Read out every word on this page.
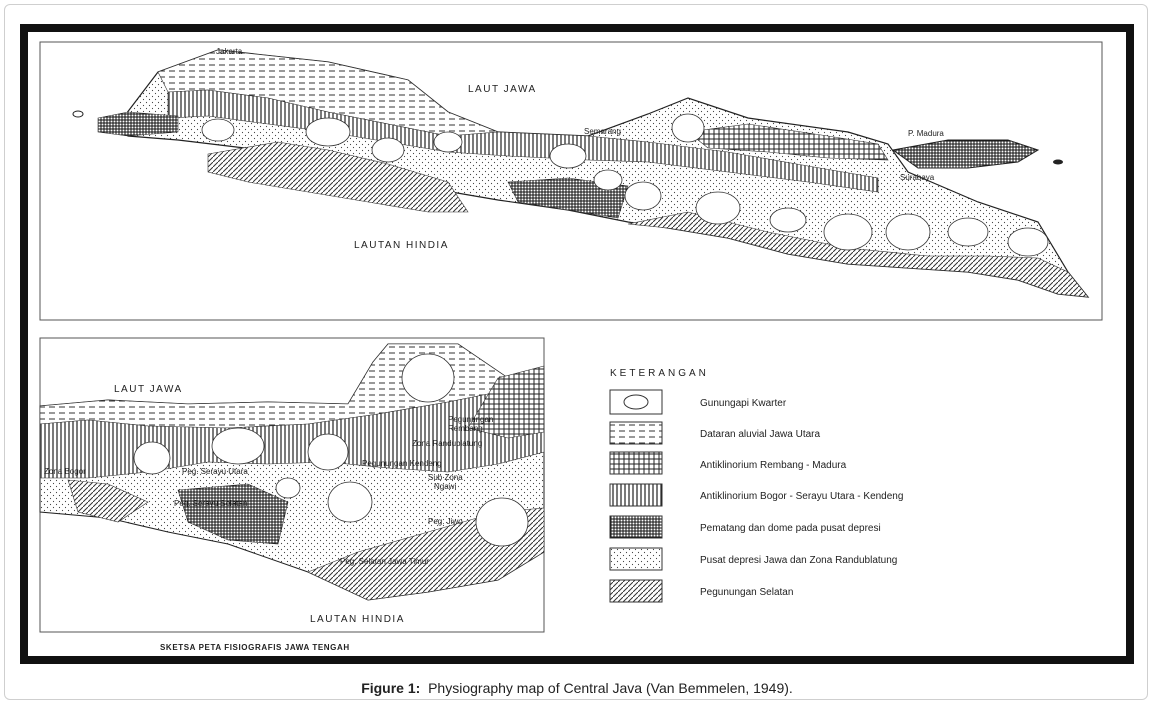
LAUT JAWA
LAUTAN HINDIA
Jakarta
Semarang	P. Madura
Surabaya
LAUT JAWA
LAUTAN HINDIA
Pegunungan Rembang
Zona Randublatung
Pegunungan Kendeng
Sub Zona Ngawi
Zona Bogor	Peg. Serayu Utara
Peg. Serayu Selatan
Peg. Jiwo
Peg. Selatan Jawa Timur
SKETSA PETA FISIOGRAFIS JAWA TENGAH
KETERANGAN
Gunungapi Kwarter
Dataran aluvial Jawa Utara
Antiklinorium Rembang - Madura
Antiklinorium Bogor - Serayu Utara - Kendeng
Pematang dan dome pada pusat depresi
Pusat depresi Jawa dan Zona Randublatung
Pegunungan Selatan
Figure 1: Physiography map of Central Java (Van Bemmelen, 1949).
